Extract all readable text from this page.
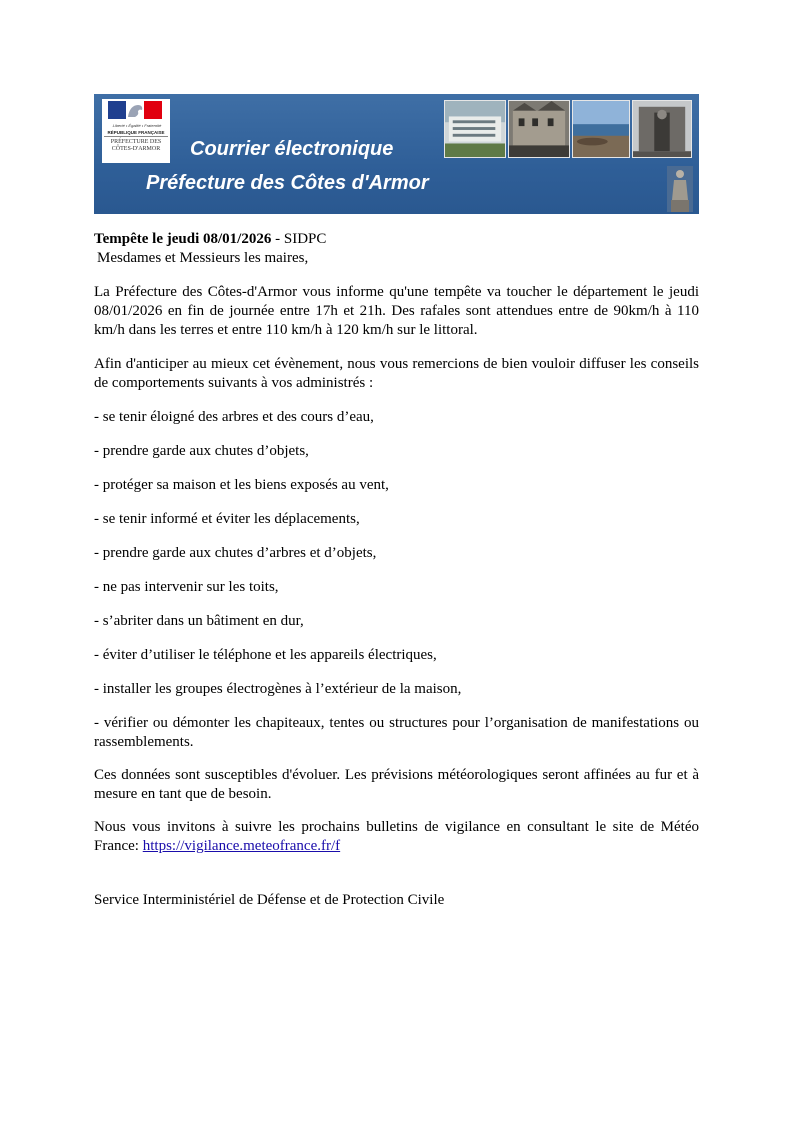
Liberté • Égalité • Fraternité
RÉPUBLIQUE FRANÇAISE
PRÉFECTURE DES CÔTES-D'ARMOR	Courrier électronique
Préfecture des Côtes d'Armor

Tempête le jeudi 08/01/2026 - SIDPC

Mesdames et Messieurs les maires,

La Préfecture des Côtes-d'Armor vous informe qu'une tempête va toucher le département le jeudi 08/01/2026 en fin de journée entre 17h et 21h. Des rafales sont attendues entre de 90km/h à 110 km/h dans les terres et entre 110 km/h à 120 km/h sur le littoral.

Afin d'anticiper au mieux cet évènement, nous vous remercions de bien vouloir diffuser les conseils de comportements suivants à vos administrés :

- se tenir éloigné des arbres et des cours d’eau,

- prendre garde aux chutes d’objets,

- protéger sa maison et les biens exposés au vent,

- se tenir informé et éviter les déplacements,

- prendre garde aux chutes d’arbres et d’objets,

- ne pas intervenir sur les toits,

- s’abriter dans un bâtiment en dur,

- éviter d’utiliser le téléphone et les appareils électriques,

- installer les groupes électrogènes à l’extérieur de la maison,

- vérifier ou démonter les chapiteaux, tentes ou structures pour l’organisation de manifestations ou rassemblements.

Ces données sont susceptibles d'évoluer. Les prévisions météorologiques seront affinées au fur et à mesure en tant que de besoin.

Nous vous invitons à suivre les prochains bulletins de vigilance en consultant le site de Météo France: https://vigilance.meteofrance.fr/f

Service Interministériel de Défense et de Protection Civile
